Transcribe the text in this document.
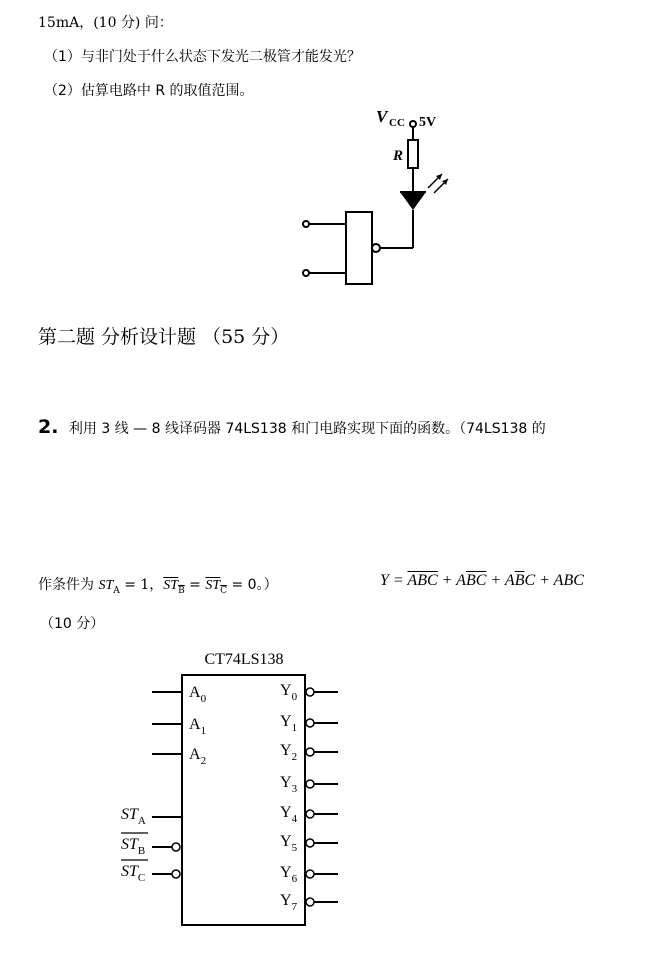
15mA，(10 分) 问：
（1）与非门处于什么状态下发光二极管才能发光？
（2）估算电路中 R 的取值范围。
V CC 5V
R
第二题 分析设计题 （55 分）
2. 利用 3 线 — 8 线译码器 74LS138 和门电路实现下面的函数。（74LS138 的
作条件为 $ST_A = 1$，$ST_B = ST_C = 0$。）	$Y = \overline{A}\overline{B}\overline{C} + A\overline{B}\overline{C} + A\overline{B}C$ + ABC
（10 分）
CT74LS138
$A_0$
$A_1$
$A_2$
$ST_A$
$ST_B$
$ST_C$
$Y_0$
$Y_1$
$Y_2$
$Y_3$
$Y_4$
$Y_5$
$Y_6$
$Y_7$
